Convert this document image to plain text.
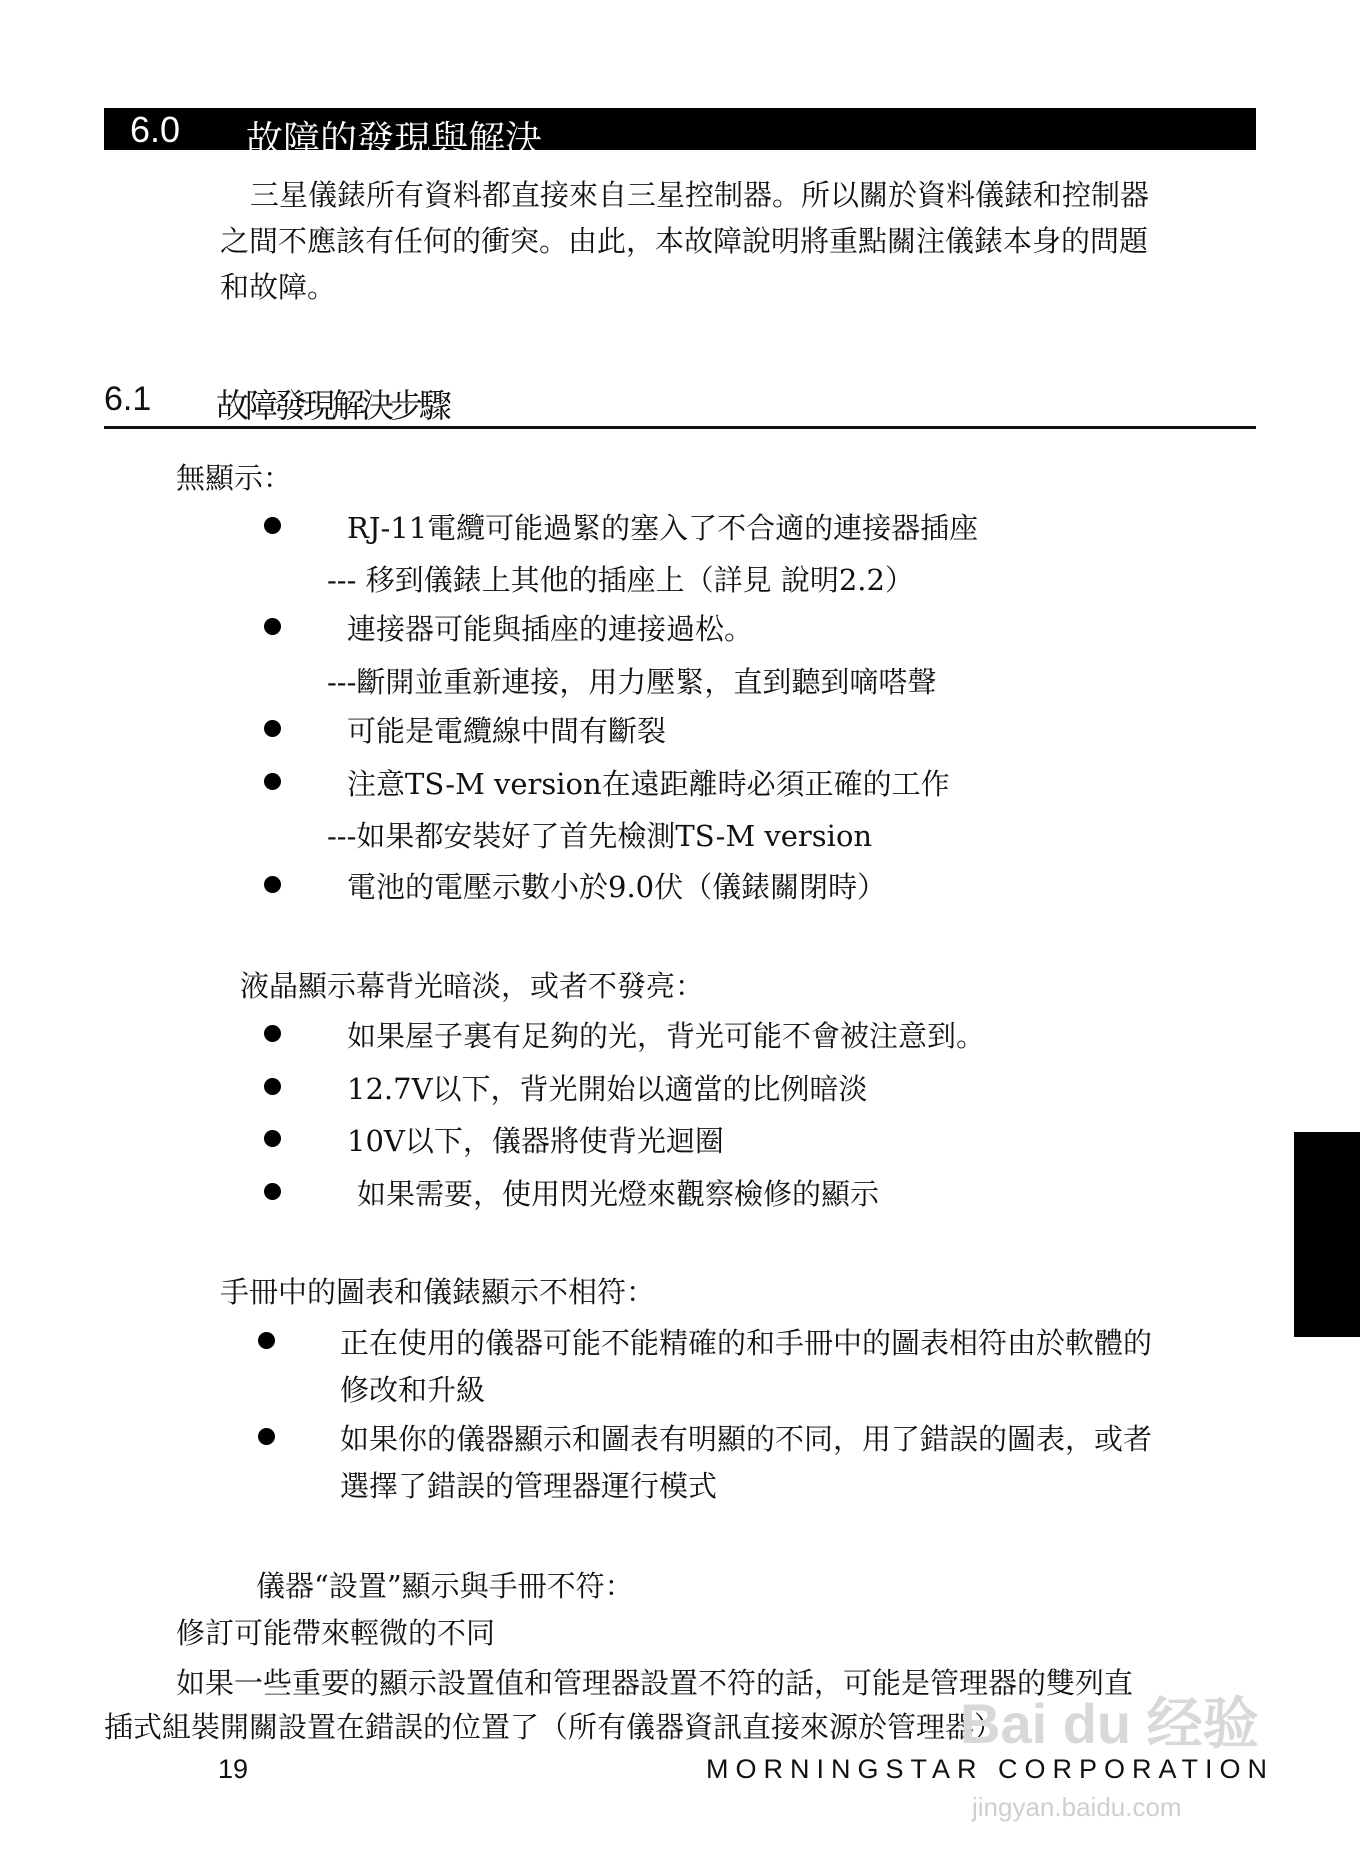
6.0 故障的發現與解決
三星儀錶所有資料都直接來自三星控制器。所以關於資料儀錶和控制器
之間不應該有任何的衝突。由此，本故障說明將重點關注儀錶本身的問題
和故障。
6.1 故障發現解決步驟
無顯示：
RJ-11電纜可能過緊的塞入了不合適的連接器插座
--- 移到儀錶上其他的插座上（詳見 說明2.2）
連接器可能與插座的連接過松。
---斷開並重新連接，用力壓緊，直到聽到嘀嗒聲
可能是電纜線中間有斷裂
注意TS-M version在遠距離時必須正確的工作
---如果都安裝好了首先檢測TS-M version
電池的電壓示數小於9.0伏（儀錶關閉時）
液晶顯示幕背光暗淡，或者不發亮：
如果屋子裏有足夠的光，背光可能不會被注意到。
12.7V以下，背光開始以適當的比例暗淡
10V以下，儀器將使背光迴圈
如果需要，使用閃光燈來觀察檢修的顯示
手冊中的圖表和儀錶顯示不相符：
正在使用的儀器可能不能精確的和手冊中的圖表相符由於軟體的
修改和升級
如果你的儀器顯示和圖表有明顯的不同，用了錯誤的圖表，或者
選擇了錯誤的管理器運行模式
儀器“設置”顯示與手冊不符：
修訂可能帶來輕微的不同
如果一些重要的顯示設置值和管理器設置不符的話，可能是管理器的雙列直
插式組裝開關設置在錯誤的位置了（所有儀器資訊直接來源於管理器）
19	MORNINGSTAR CORPORATION
Bai du 经验
jingyan.baidu.com
